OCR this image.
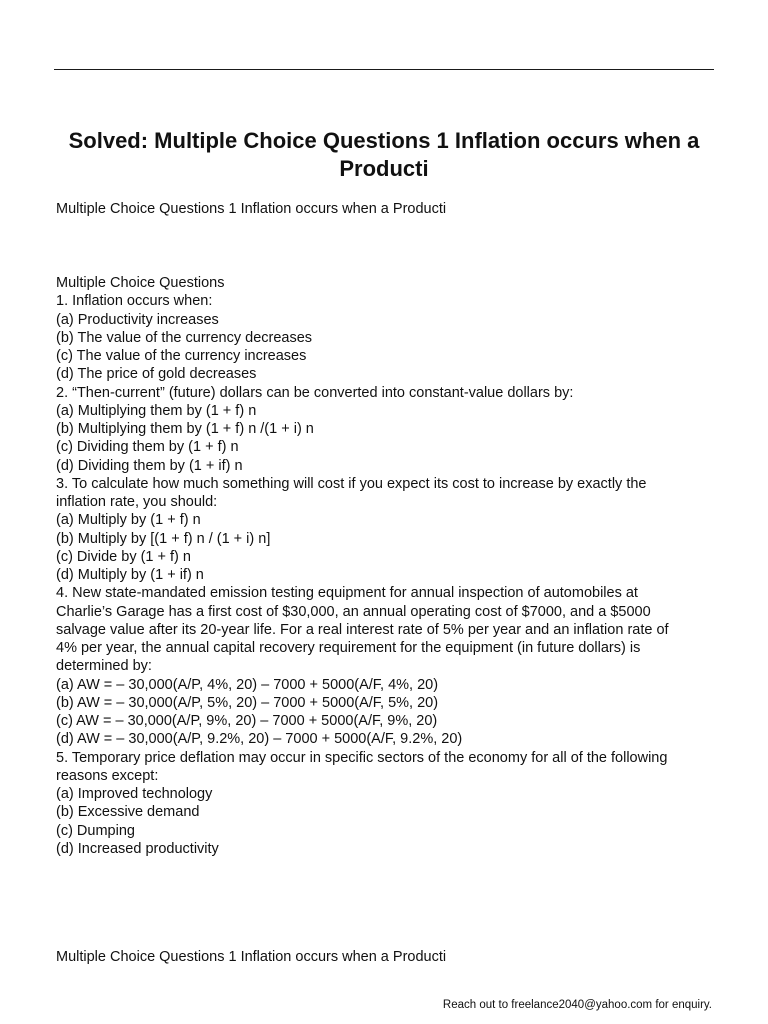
Solved: Multiple Choice Questions 1 Inflation occurs when a Producti
Multiple Choice Questions 1 Inflation occurs when a Producti
Multiple Choice Questions
1. Inflation occurs when:
(a) Productivity increases
(b) The value of the currency decreases
(c) The value of the currency increases
(d) The price of gold decreases
2. “Then-current” (future) dollars can be converted into constant-value dollars by:
(a) Multiplying them by (1 + f) n
(b) Multiplying them by (1 + f) n /(1 + i) n
(c) Dividing them by (1 + f) n
(d) Dividing them by (1 + if) n
3. To calculate how much something will cost if you expect its cost to increase by exactly the
inflation rate, you should:
(a) Multiply by (1 + f) n
(b) Multiply by [(1 + f) n / (1 + i) n]
(c) Divide by (1 + f) n
(d) Multiply by (1 + if) n
4. New state-mandated emission testing equipment for annual inspection of automobiles at
Charlie’s Garage has a first cost of $30,000, an annual operating cost of $7000, and a $5000
salvage value after its 20-year life. For a real interest rate of 5% per year and an inflation rate of
4% per year, the annual capital recovery requirement for the equipment (in future dollars) is
determined by:
(a) AW = – 30,000(A/P, 4%, 20) – 7000 + 5000(A/F, 4%, 20)
(b) AW = – 30,000(A/P, 5%, 20) – 7000 + 5000(A/F, 5%, 20)
(c) AW = – 30,000(A/P, 9%, 20) – 7000 + 5000(A/F, 9%, 20)
(d) AW = – 30,000(A/P, 9.2%, 20) – 7000 + 5000(A/F, 9.2%, 20)
5. Temporary price deflation may occur in specific sectors of the economy for all of the following
reasons except:
(a) Improved technology
(b) Excessive demand
(c) Dumping
(d) Increased productivity
Multiple Choice Questions 1 Inflation occurs when a Producti
Reach out to freelance2040@yahoo.com for enquiry.
